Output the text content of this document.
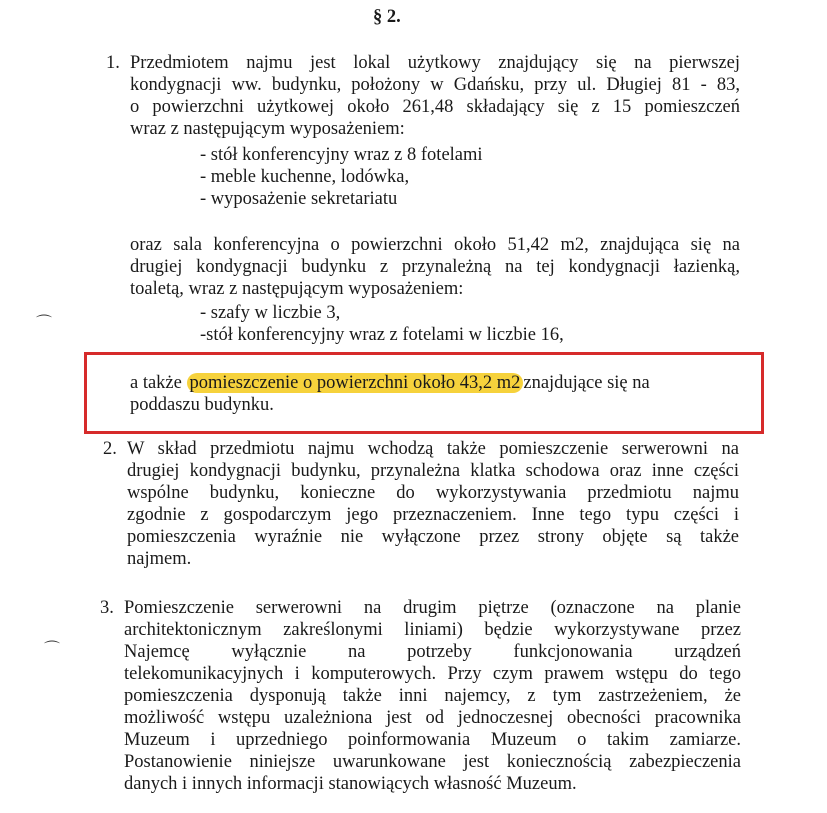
§ 2.
1. Przedmiotem najmu jest lokal użytkowy znajdujący się na pierwszej
kondygnacji ww. budynku, położony w Gdańsku, przy ul. Długiej 81 - 83,
o powierzchni użytkowej około 261,48 składający się z 15 pomieszczeń
wraz z następującym wyposażeniem:
- stół konferencyjny wraz z 8 fotelami
- meble kuchenne, lodówka,
- wyposażenie sekretariatu
oraz sala konferencyjna o powierzchni około 51,42 m2, znajdująca się na
drugiej kondygnacji budynku z przynależną na tej kondygnacji łazienką,
toaletą, wraz z następującym wyposażeniem:
- szafy w liczbie 3,
-stół konferencyjny wraz z fotelami w liczbie 16,
⌒
⌒
a także pomieszczenie o powierzchni około 43,2 m2 znajdujące się na
poddaszu budynku.
2. W skład przedmiotu najmu wchodzą także pomieszczenie serwerowni na
drugiej kondygnacji budynku, przynależna klatka schodowa oraz inne części
wspólne budynku, konieczne do wykorzystywania przedmiotu najmu
zgodnie z gospodarczym jego przeznaczeniem. Inne tego typu części i
pomieszczenia wyraźnie nie wyłączone przez strony objęte są także
najmem.
3. Pomieszczenie serwerowni na drugim piętrze (oznaczone na planie
architektonicznym zakreślonymi liniami) będzie wykorzystywane przez
Najemcę wyłącznie na potrzeby funkcjonowania urządzeń
telekomunikacyjnych i komputerowych. Przy czym prawem wstępu do tego
pomieszczenia dysponują także inni najemcy, z tym zastrzeżeniem, że
możliwość wstępu uzależniona jest od jednoczesnej obecności pracownika
Muzeum i uprzedniego poinformowania Muzeum o takim zamiarze.
Postanowienie niniejsze uwarunkowane jest koniecznością zabezpieczenia
danych i innych informacji stanowiących własność Muzeum.
